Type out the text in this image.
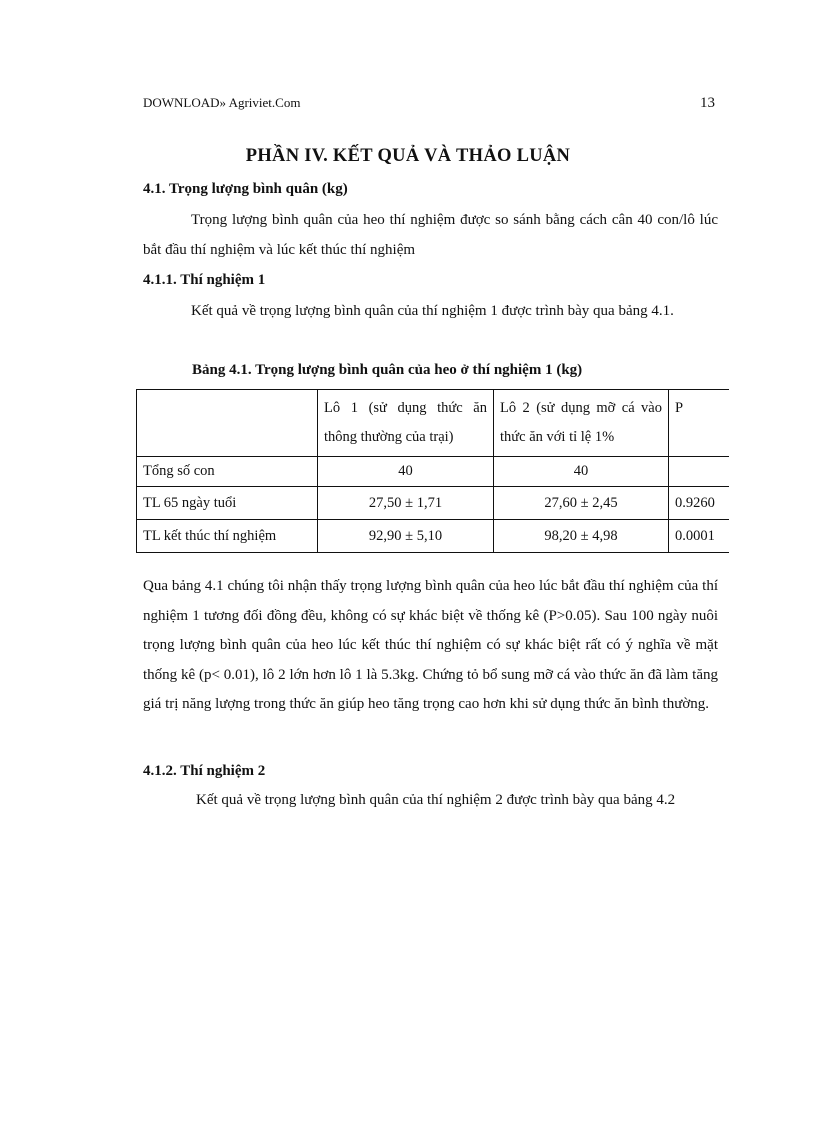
DOWNLOAD» Agriviet.Com	13
PHẦN IV. KẾT QUẢ VÀ THẢO LUẬN
4.1. Trọng lượng bình quân (kg)
Trọng lượng bình quân của heo thí nghiệm được so sánh bằng cách cân 40 con/lô lúc bắt đầu thí nghiệm và lúc kết thúc thí nghiệm
4.1.1. Thí nghiệm 1
Kết quả về trọng lượng bình quân của thí nghiệm 1 được trình bày qua bảng 4.1.
Bảng 4.1. Trọng lượng bình quân của heo ở thí nghiệm 1 (kg)
	Lô 1 (sử dụng thức ăn thông thường của trại)	Lô 2 (sử dụng mỡ cá vào thức ăn với tỉ lệ 1%	P
Tổng số con	40	40	
TL 65 ngày tuổi	27,50 ± 1,71	27,60 ± 2,45	0.9260
TL kết thúc thí nghiệm	92,90 ± 5,10	98,20 ± 4,98	0.0001
Qua bảng 4.1 chúng tôi nhận thấy trọng lượng bình quân của heo lúc bắt đầu thí nghiệm của thí nghiệm 1 tương đối đồng đều, không có sự khác biệt về thống kê (P>0.05). Sau 100 ngày nuôi trọng lượng bình quân của heo lúc kết thúc thí nghiệm có sự khác biệt rất có ý nghĩa về mặt thống kê (p< 0.01), lô 2 lớn hơn lô 1 là 5.3kg. Chứng tỏ bổ sung mỡ cá vào thức ăn đã làm tăng giá trị năng lượng trong thức ăn giúp heo tăng trọng cao hơn khi sử dụng thức ăn bình thường.
4.1.2. Thí nghiệm 2
Kết quả về trọng lượng bình quân của thí nghiệm 2 được trình bày qua bảng 4.2
